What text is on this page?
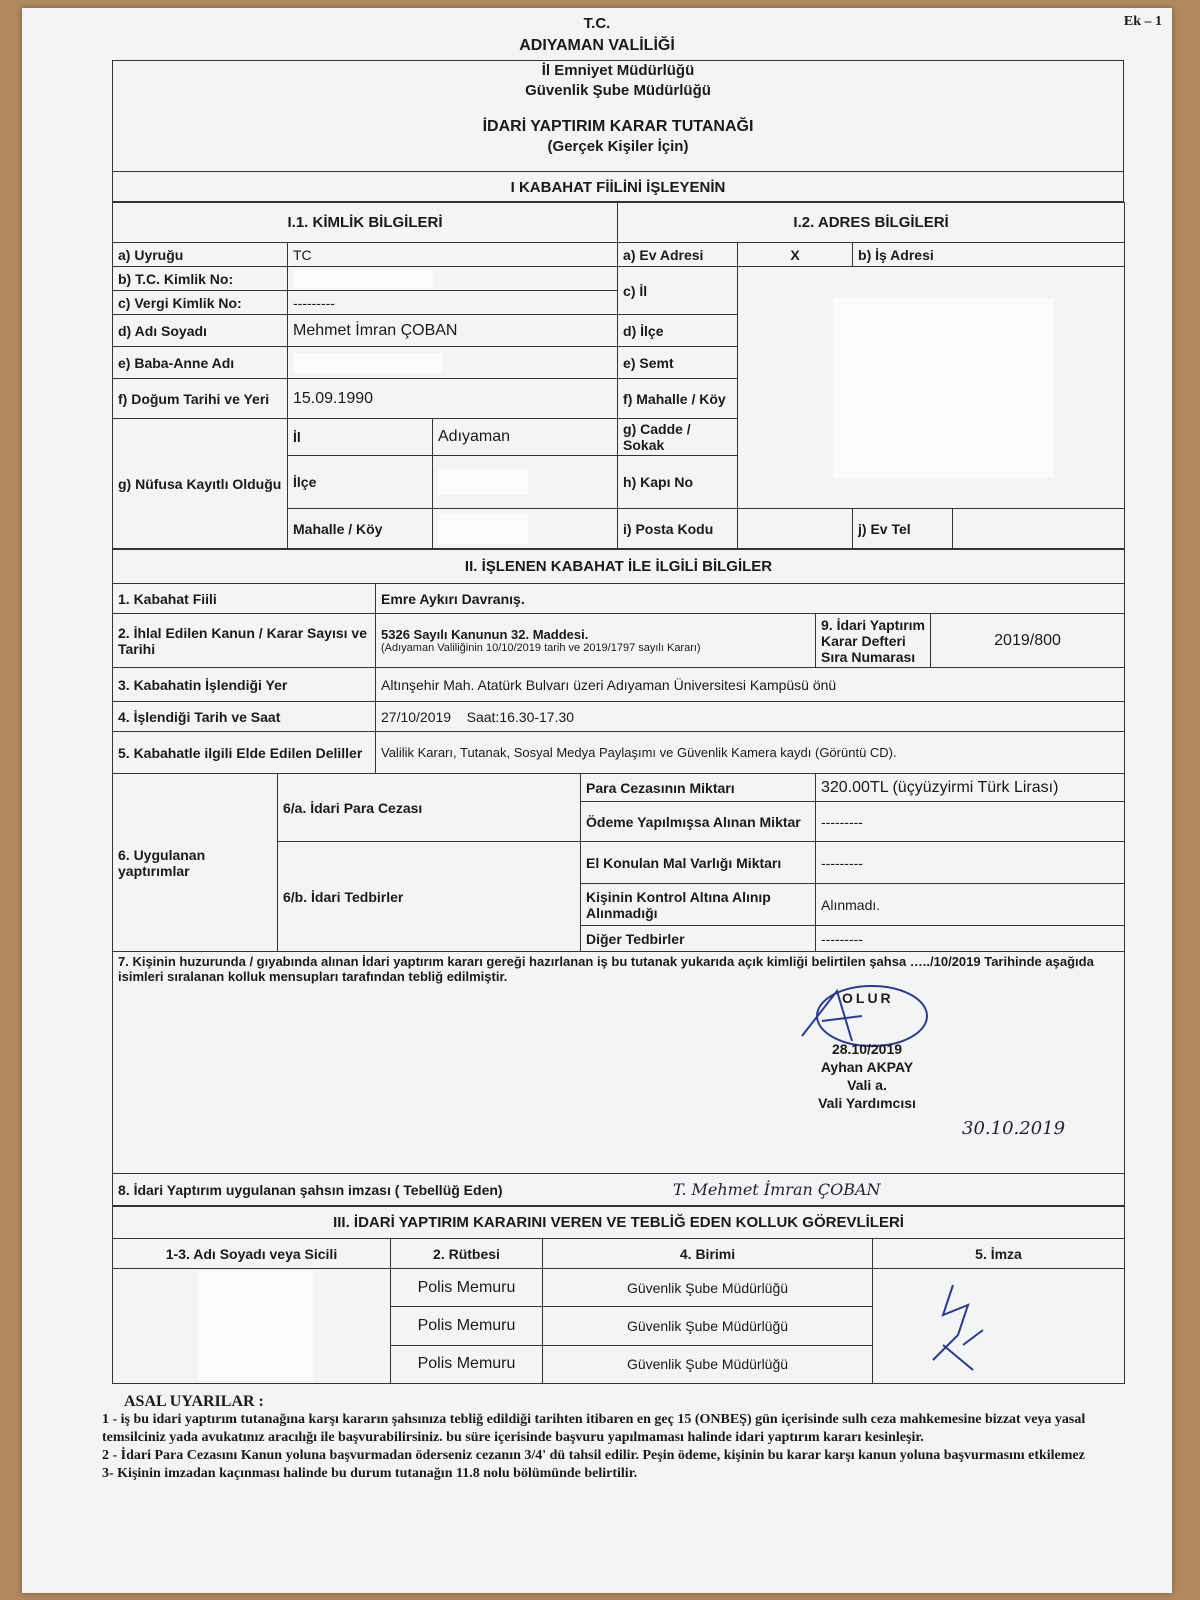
Ek – 1
T.C.
ADIYAMAN VALİLİĞİ
İl Emniyet Müdürlüğü
Güvenlik Şube Müdürlüğü
İDARİ YAPTIRIM KARAR TUTANAĞI
(Gerçek Kişiler İçin)
I KABAHAT FİİLİNİ İŞLEYENİN
I.1. KİMLİK BİLGİLERİ			I.2. ADRES BİLGİLERİ				
a) Uyruğu	TC		a) Ev Adresi	X	b) İş Adresi		
b) T.C. Kimlik No:			c) İl				

c) Vergi Kimlik No:	---------						
d) Adı Soyadı	Mehmet İmran ÇOBAN		d) İlçe				
e) Baba-Anne Adı			e) Semt				
f) Doğum Tarihi ve Yeri	15.09.1990		f) Mahalle / Köy				
g) Nüfusa Kayıtlı Olduğu	İl	Adıyaman	g) Cadde / Sokak				
	İlçe		h) Kapı No	

	Mahalle / Köy		i) Posta Kodu		j) Ev Tel		
II. İŞLENEN KABAHAT İLE İLGİLİ BİLGİLER					
1. Kabahat Fiili		Emre Aykırı Davranış.			
2. İhlal Edilen Kanun / Karar Sayısı ve Tarihi		5326 Sayılı Kanunun 32. Maddesi.
(Adıyaman Valiliğinin 10/10/2019 tarih ve 2019/1797 sayılı Kararı)		9. İdari Yaptırım Karar Defteri Sıra Numarası	2019/800
3. Kabahatin İşlendiği Yer		Altınşehir Mah. Atatürk Bulvarı üzeri Adıyaman Üniversitesi Kampüsü önü			
4. İşlendiği Tarih ve Saat		27/10/2019    Saat:16.30-17.30			
5. Kabahatle ilgili Elde Edilen Deliller		Valilik Kararı, Tutanak, Sosyal Medya Paylaşımı ve Güvenlik Kamera kaydı (Görüntü CD).			
6. Uygulanan yaptırımlar	6/a. İdari Para Cezası		Para Cezasının Miktarı	320.00TL (üçyüzyirmi Türk Lirası)	
			Ödeme Yapılmışsa Alınan Miktar	---------	
	6/b. İdari Tedbirler		El Konulan Mal Varlığı Miktarı	---------	
			Kişinin Kontrol Altına Alınıp Alınmadığı	Alınmadı.	
			Diğer Tedbirler	---------	

7. Kişinin huzurunda / gıyabında alınan İdari yaptırım kararı gereği hazırlanan iş bu tutanak yukarıda açık kimliği belirtilen şahsa …../10/2019 Tarihinde aşağıda isimleri sıralanan kolluk mensupları tarafından tebliğ edilmiştir.					

8. İdari Yaptırım uygulanan şahsın imzası ( Tebellüğ Eden) T. Mehmet İmran ÇOBAN					
III. İDARİ YAPTIRIM KARARINI VEREN VE TEBLİĞ EDEN KOLLUK GÖREVLİLERİ			
1-3. Adı Soyadı veya Sicili	2. Rütbesi	4. Birimi	5. İmza

	Polis Memuru	Güvenlik Şube Müdürlüğü	

	Polis Memuru	Güvenlik Şube Müdürlüğü	
	Polis Memuru	Güvenlik Şube Müdürlüğü	
OLUR
28.10/2019
Ayhan AKPAY
Vali a.
Vali Yardımcısı
30.10.2019
ASAL UYARILAR :
1 - iş bu idari yaptırım tutanağına karşı kararın şahsınıza tebliğ edildiği tarihten itibaren en geç 15 (ONBEŞ) gün içerisinde sulh ceza mahkemesine bizzat veya yasal temsilciniz yada avukatınız aracılığı ile başvurabilirsiniz. bu süre içerisinde başvuru yapılmaması halinde idari yaptırım kararı kesinleşir.
2 - İdari Para Cezasını Kanun yoluna başvurmadan öderseniz cezanın 3/4' dü tahsil edilir. Peşin ödeme, kişinin bu karar karşı kanun yoluna başvurmasını etkilemez
3- Kişinin imzadan kaçınması halinde bu durum tutanağın 11.8 nolu bölümünde belirtilir.
